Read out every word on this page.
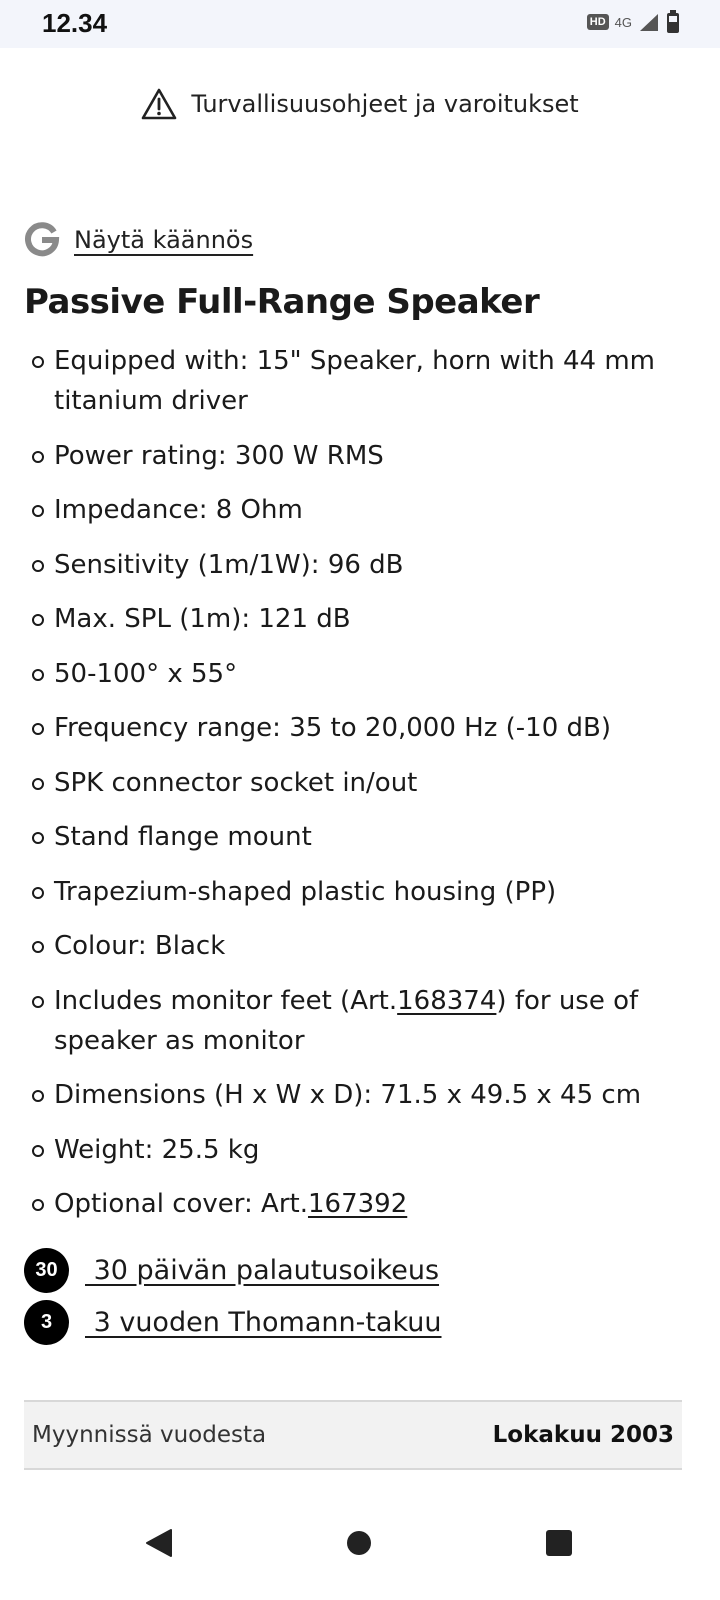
12.34	HD 4G
Turvallisuusohjeet ja varoitukset
Näytä käännös
Passive Full-Range Speaker
Equipped with: 15" Speaker, horn with 44 mm titanium driver
Power rating: 300 W RMS
Impedance: 8 Ohm
Sensitivity (1m/1W): 96 dB
Max. SPL (1m): 121 dB
50-100° x 55°
Frequency range: 35 to 20,000 Hz (-10 dB)
SPK connector socket in/out
Stand flange mount
Trapezium-shaped plastic housing (PP)
Colour: Black
Includes monitor feet (Art.168374) for use of speaker as monitor
Dimensions (H x W x D): 71.5 x 49.5 x 45 cm
Weight: 25.5 kg
Optional cover: Art.167392
30	30 päivän palautusoikeus
3	3 vuoden Thomann-takuu
Myynnissä vuodesta	Lokakuu 2003
